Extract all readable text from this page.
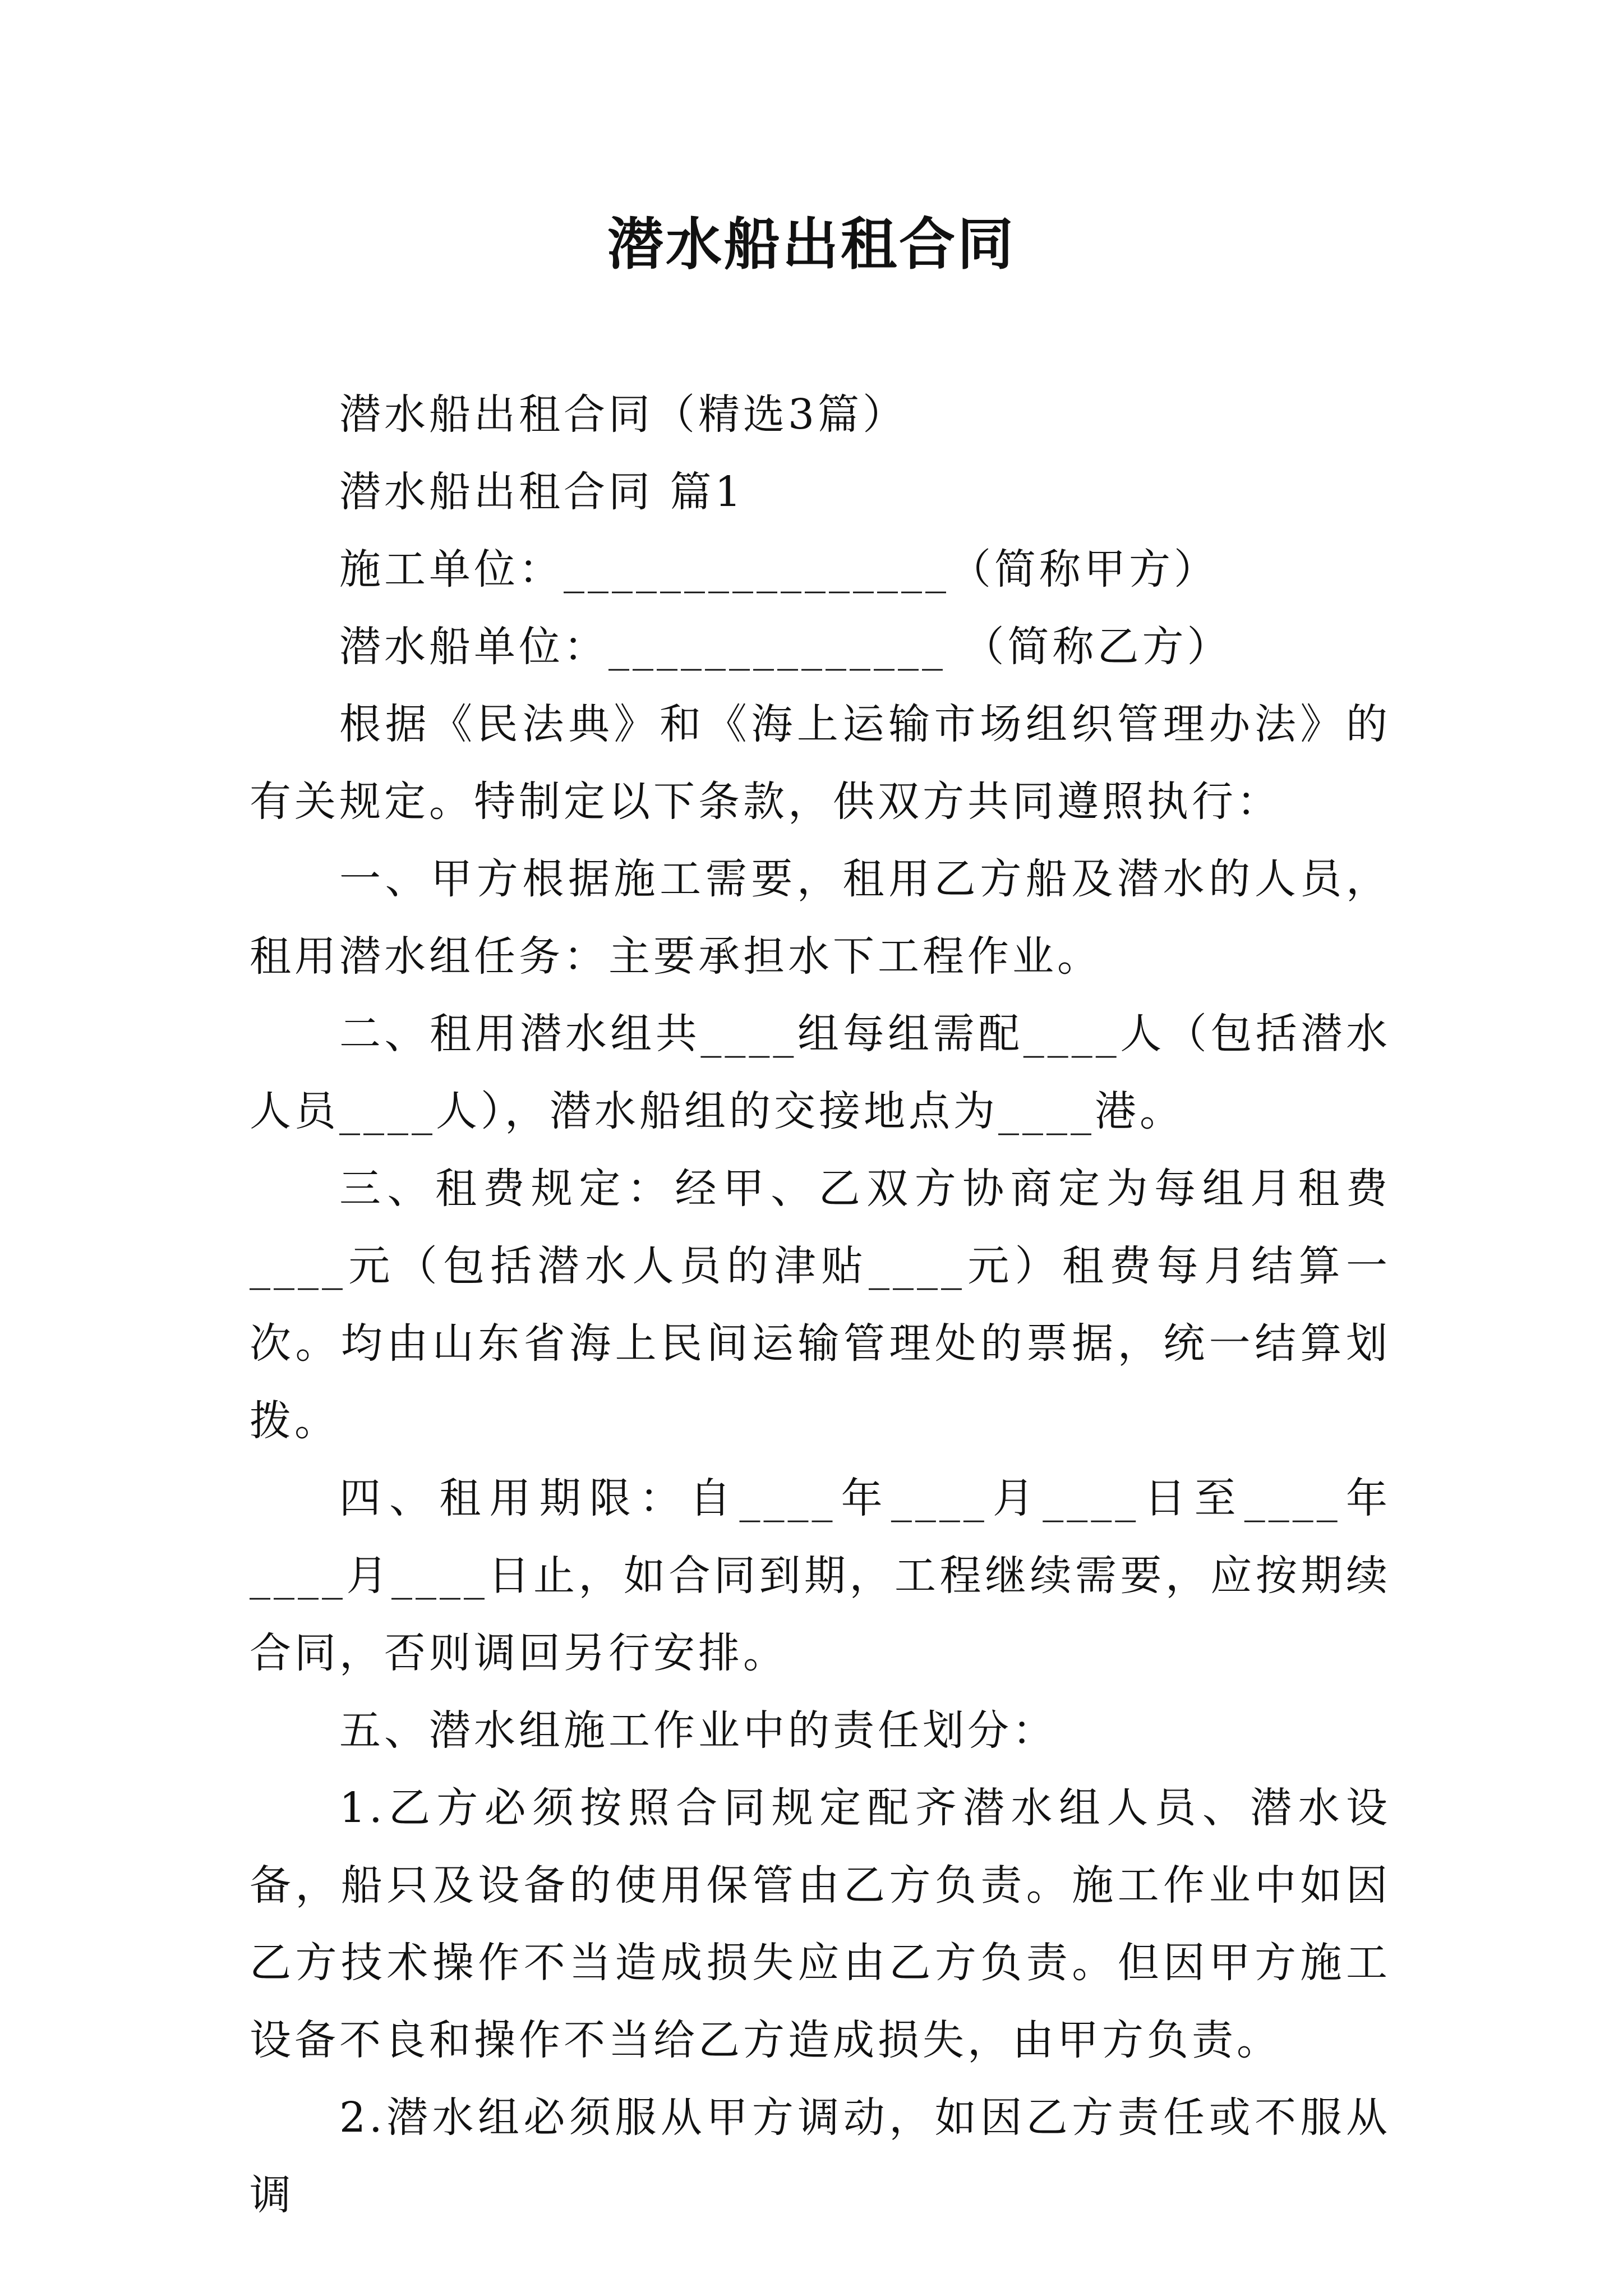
潜水船出租合同

潜水船出租合同（精选3篇）

潜水船出租合同 篇1

施工单位：________________（简称甲方）

潜水船单位：______________ （简称乙方）

根据《民法典》和《海上运输市场组织管理办法》的有关规定。特制定以下条款，供双方共同遵照执行：

一、甲方根据施工需要，租用乙方船及潜水的人员，租用潜水组任务：主要承担水下工程作业。

二、租用潜水组共____组每组需配____人（包括潜水人员____人），潜水船组的交接地点为____港。

三、租费规定：经甲、乙双方协商定为每组月租费____元（包括潜水人员的津贴____元）租费每月结算一次。均由山东省海上民间运输管理处的票据，统一结算划拨。

四、租用期限：自____年____月____日至____年____月____日止，如合同到期，工程继续需要，应按期续合同，否则调回另行安排。

五、潜水组施工作业中的责任划分：

1.乙方必须按照合同规定配齐潜水组人员、潜水设备，船只及设备的使用保管由乙方负责。施工作业中如因乙方技术操作不当造成损失应由乙方负责。但因甲方施工设备不良和操作不当给乙方造成损失，由甲方负责。

2.潜水组必须服从甲方调动，如因乙方责任或不服从调
